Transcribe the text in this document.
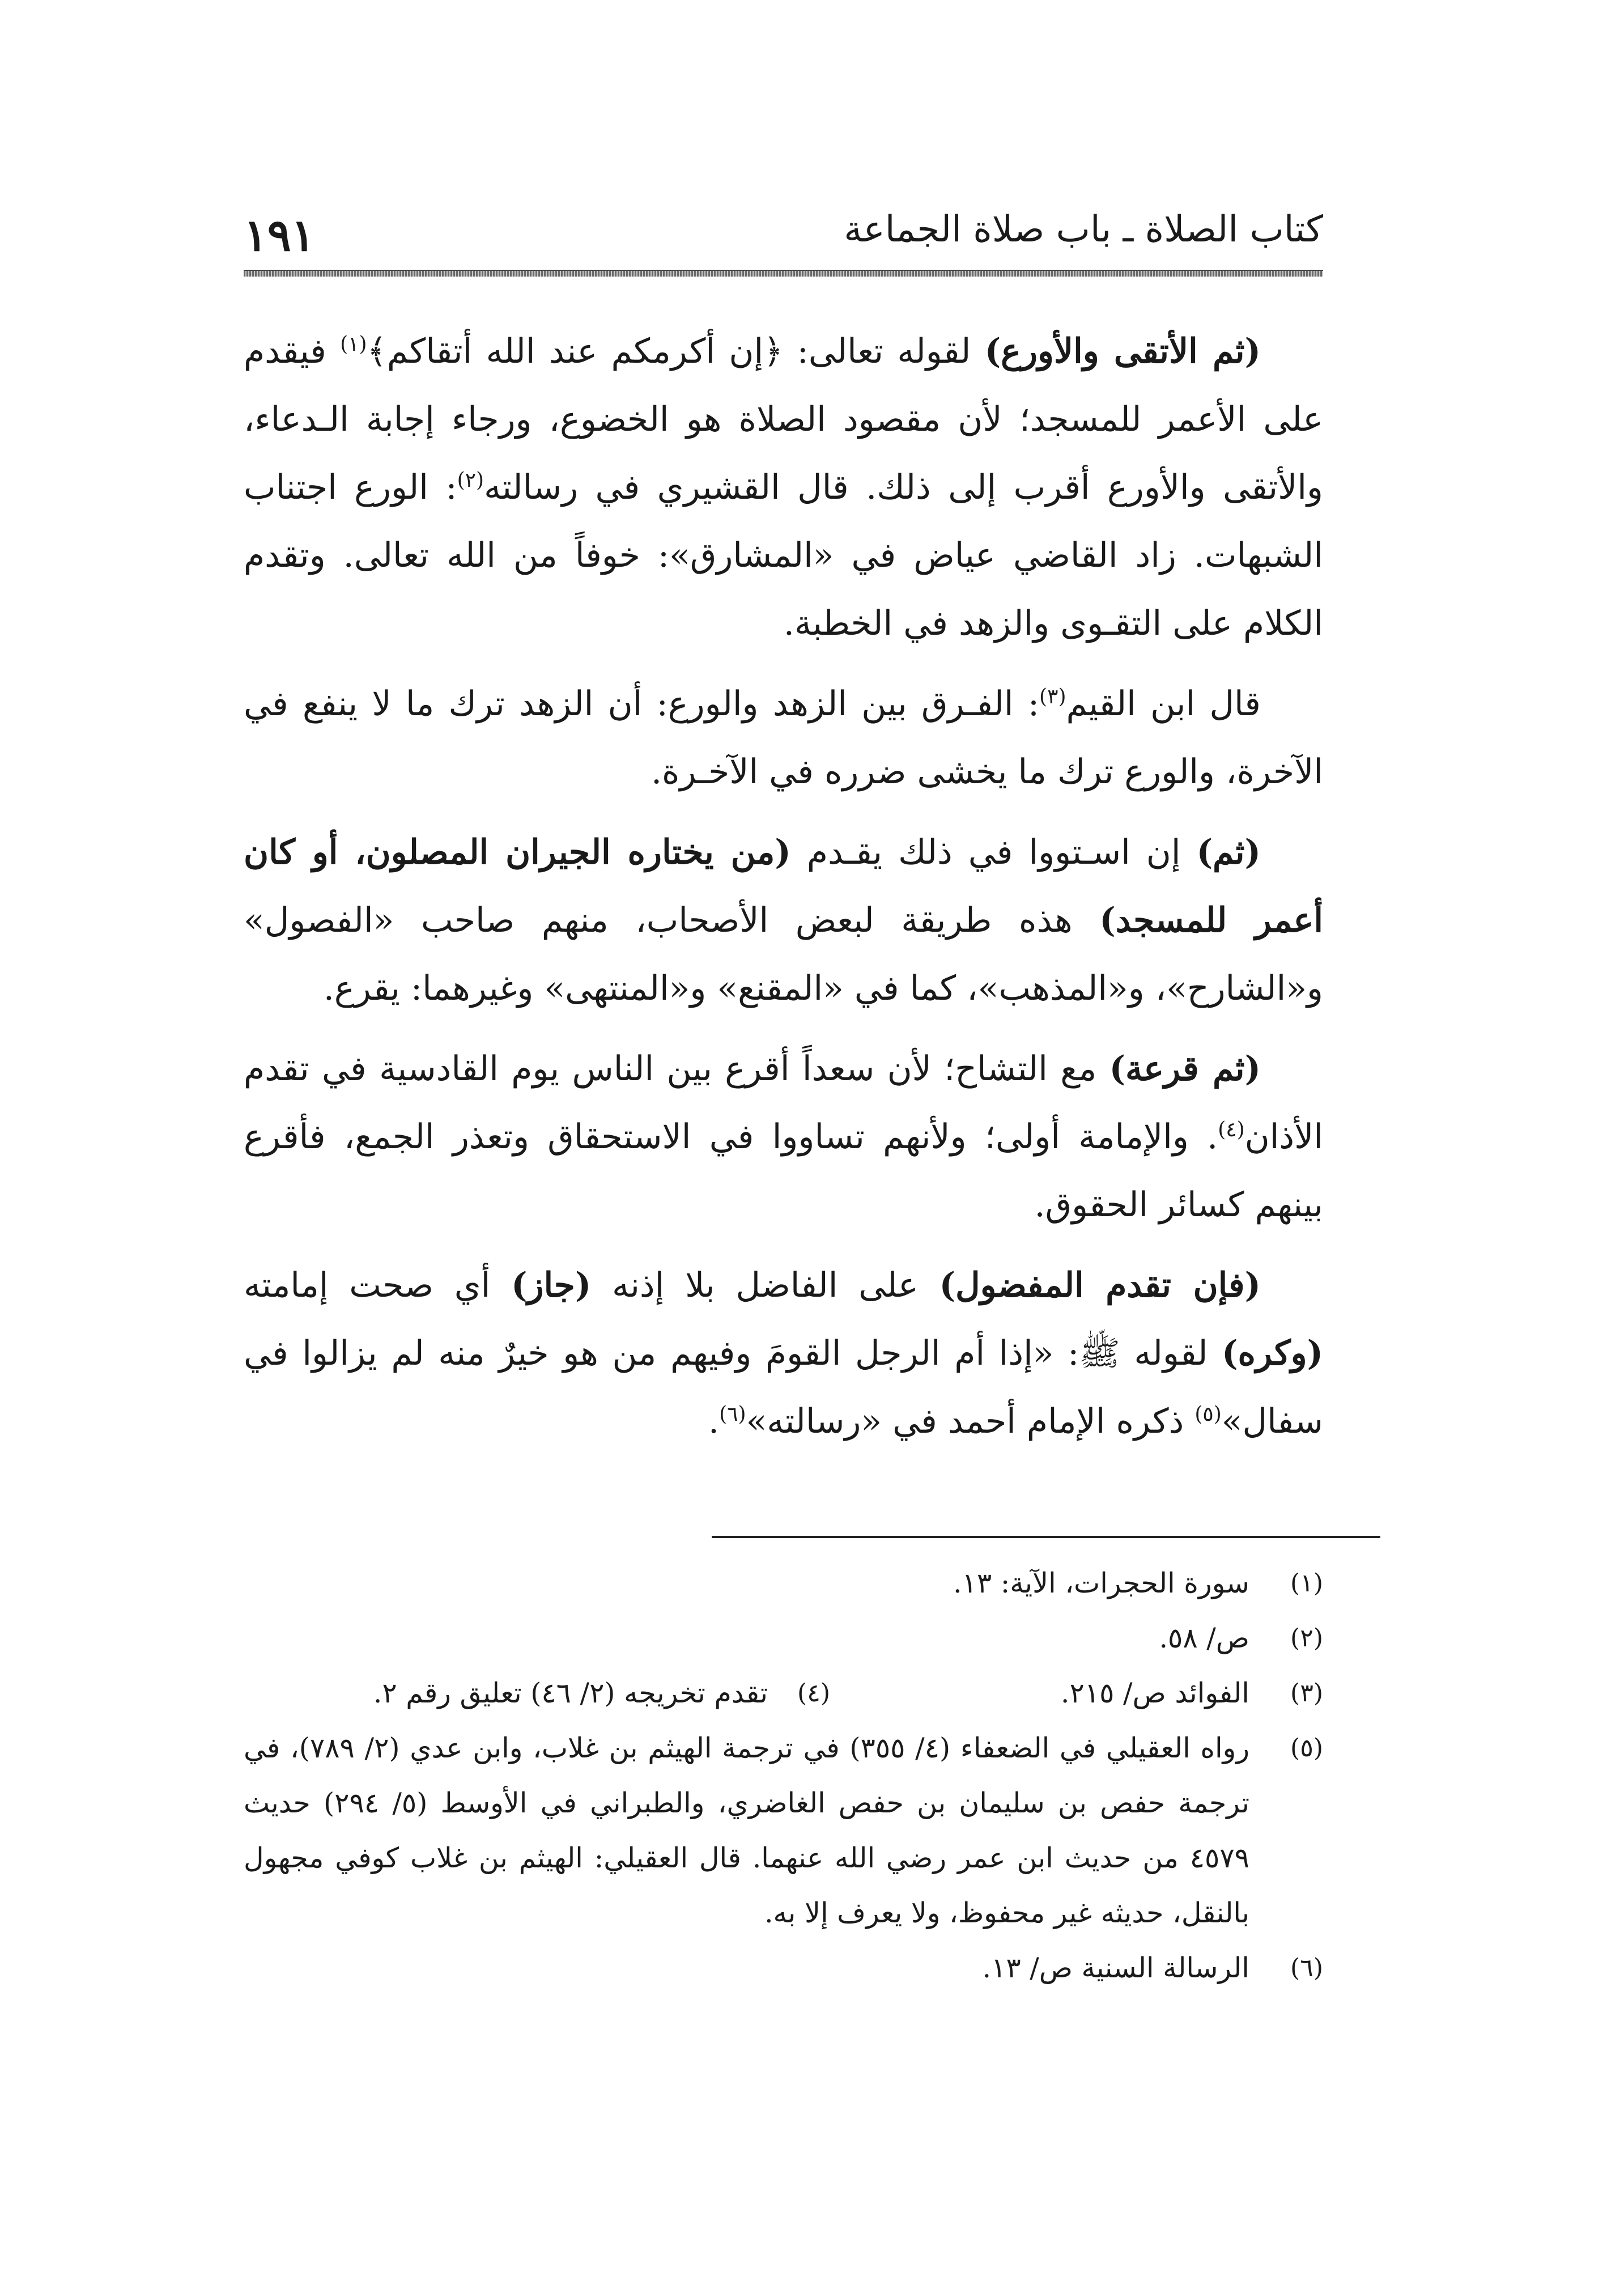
١٩١	كتاب الصلاة ـ باب صلاة الجماعة

(ثم الأتقى والأورع) لقوله تعالى: ﴿إن أكرمكم عند الله أتقاكم﴾$^{(١)}$ فيقدم على الأعمر للمسجد؛ لأن مقصود الصلاة هو الخضوع، ورجاء إجابة الـدعاء، والأتقى والأورع أقرب إلى ذلك. قال القشيري في رسالته$^{(٢)}$: الورع اجتناب الشبهات. زاد القاضي عياض في «المشارق»: خوفاً من الله تعالى. وتقدم الكلام على التقـوى والزهد في الخطبة.

قال ابن القيم$^{(٣)}$: الفـرق بين الزهد والورع: أن الزهد ترك ما لا ينفع في الآخرة، والورع ترك ما يخشى ضرره في الآخـرة.

(ثم) إن اسـتووا في ذلك يقـدم (من يختاره الجيران المصلون، أو كان أعمر للمسجد) هذه طريقة لبعض الأصحاب، منهم صاحب «الفصول» و«الشارح»، و«المذهب»، كما في «المقنع» و«المنتهى» وغيرهما: يقرع.

(ثم قرعة) مع التشاح؛ لأن سعداً أقرع بين الناس يوم القادسية في تقدم الأذان$^{(٤)}$. والإمامة أولى؛ ولأنهم تساووا في الاستحقاق وتعذر الجمع، فأقرع بينهم كسائر الحقوق.

(فإن تقدم المفضول) على الفاضل بلا إذنه (جاز) أي صحت إمامته (وكره) لقوله ﷺ: «إذا أم الرجل القومَ وفيهم من هو خيرٌ منه لم يزالوا في سفال»$^{(٥)}$ ذكره الإمام أحمد في «رسالته»$^{(٦)}$.

(١)
سورة الحجرات، الآية: ١٣.
(٢)
ص/ ٥٨.
(٣)
الفوائد ص/ ٢١٥.
(٤)
تقدم تخريجه (٢/ ٤٦) تعليق رقم ٢.
(٥)
رواه العقيلي في الضعفاء (٤/ ٣٥٥) في ترجمة الهيثم بن غلاب، وابن عدي (٢/ ٧٨٩)، في ترجمة حفص بن سليمان بن حفص الغاضري، والطبراني في الأوسط (٥/ ٢٩٤) حديث ٤٥٧٩ من حديث ابن عمر رضي الله عنهما. قال العقيلي: الهيثم بن غلاب كوفي مجهول بالنقل، حديثه غير محفوظ، ولا يعرف إلا به.
(٦)
الرسالة السنية ص/ ١٣.
